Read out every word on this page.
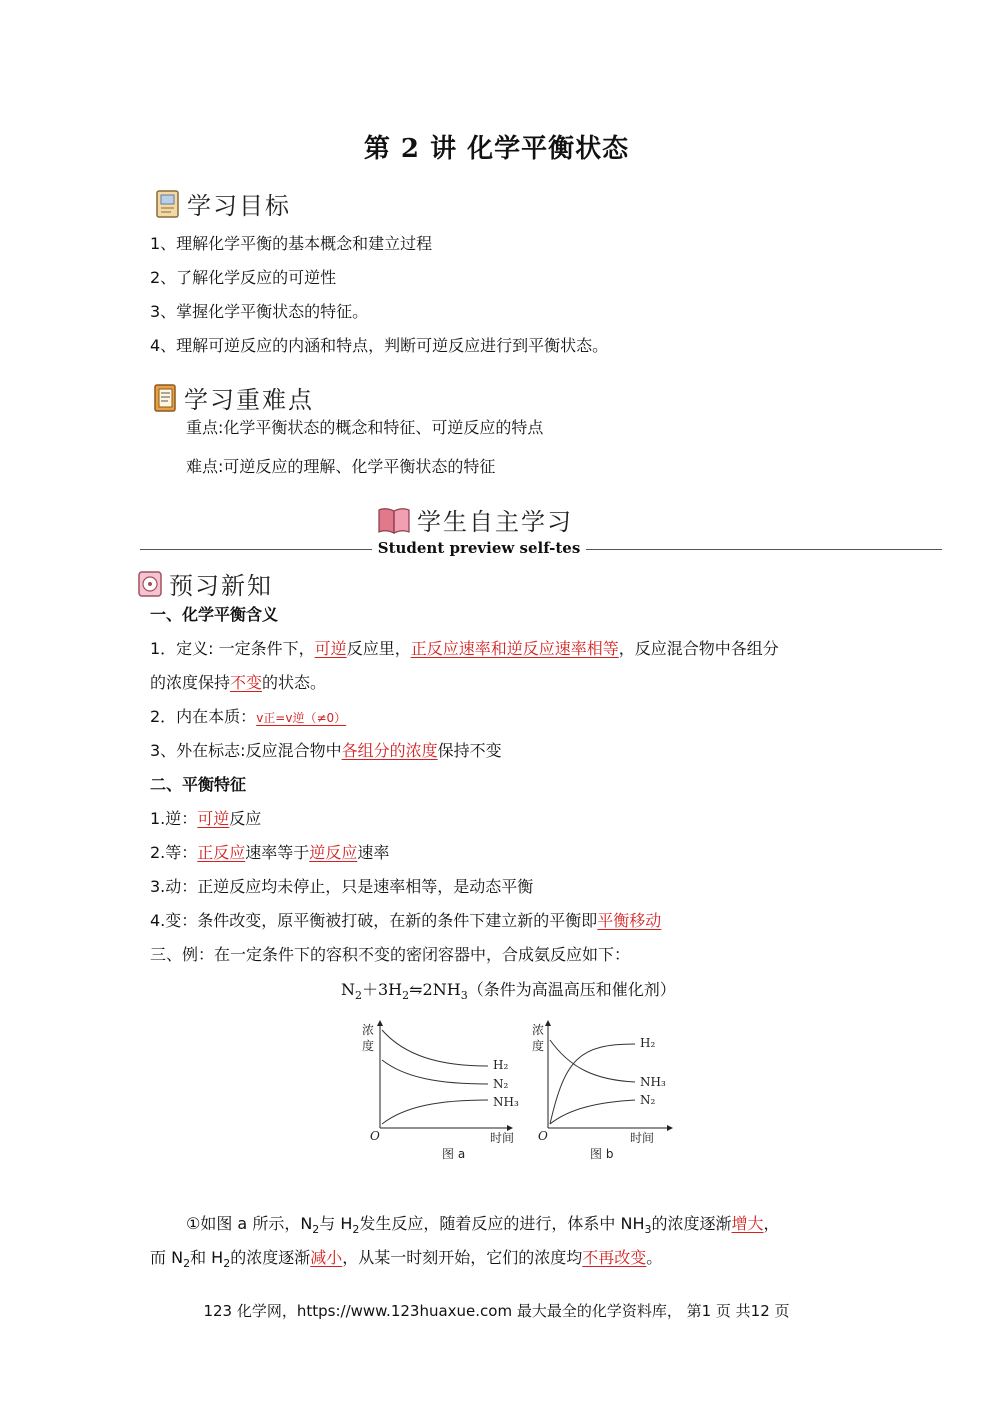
第 2 讲 化学平衡状态
学习目标
1、理解化学平衡的基本概念和建立过程
2、了解化学反应的可逆性
3、掌握化学平衡状态的特征。
4、理解可逆反应的内涵和特点，判断可逆反应进行到平衡状态。
学习重难点
重点:化学平衡状态的概念和特征、可逆反应的特点
难点:可逆反应的理解、化学平衡状态的特征
学生自主学习
Student preview self-tes
预习新知
一、化学平衡含义
1．定义: 一定条件下，可逆反应里，正反应速率和逆反应速率相等，反应混合物中各组分
的浓度保持不变的状态。
2．内在本质：v正=v逆（≠0）
3、外在标志:反应混合物中各组分的浓度保持不变
二、平衡特征
1.逆：可逆反应
2.等：正反应速率等于逆反应速率
3.动：正逆反应均未停止，只是速率相等，是动态平衡
4.变：条件改变，原平衡被打破，在新的条件下建立新的平衡即平衡移动
三、例：在一定条件下的容积不变的密闭容器中，合成氨反应如下：
$N_2+3H_2⇋2NH_3$（条件为高温高压和催化剂）
浓
度
O	时间
H₂
N₂
NH₃
图 a
浓
度
O	时间
H₂
NH₃
N₂
图 b
①如图 a 所示，$N_2$与 $H_2$发生反应，随着反应的进行，体系中 $NH_3$的浓度逐渐增大，
而 $N_2$和 $H_2$的浓度逐渐减小，从某一时刻开始，它们的浓度均不再改变。
123 化学网，https://www.123huaxue.com 最大最全的化学资料库， 第1 页 共12 页
